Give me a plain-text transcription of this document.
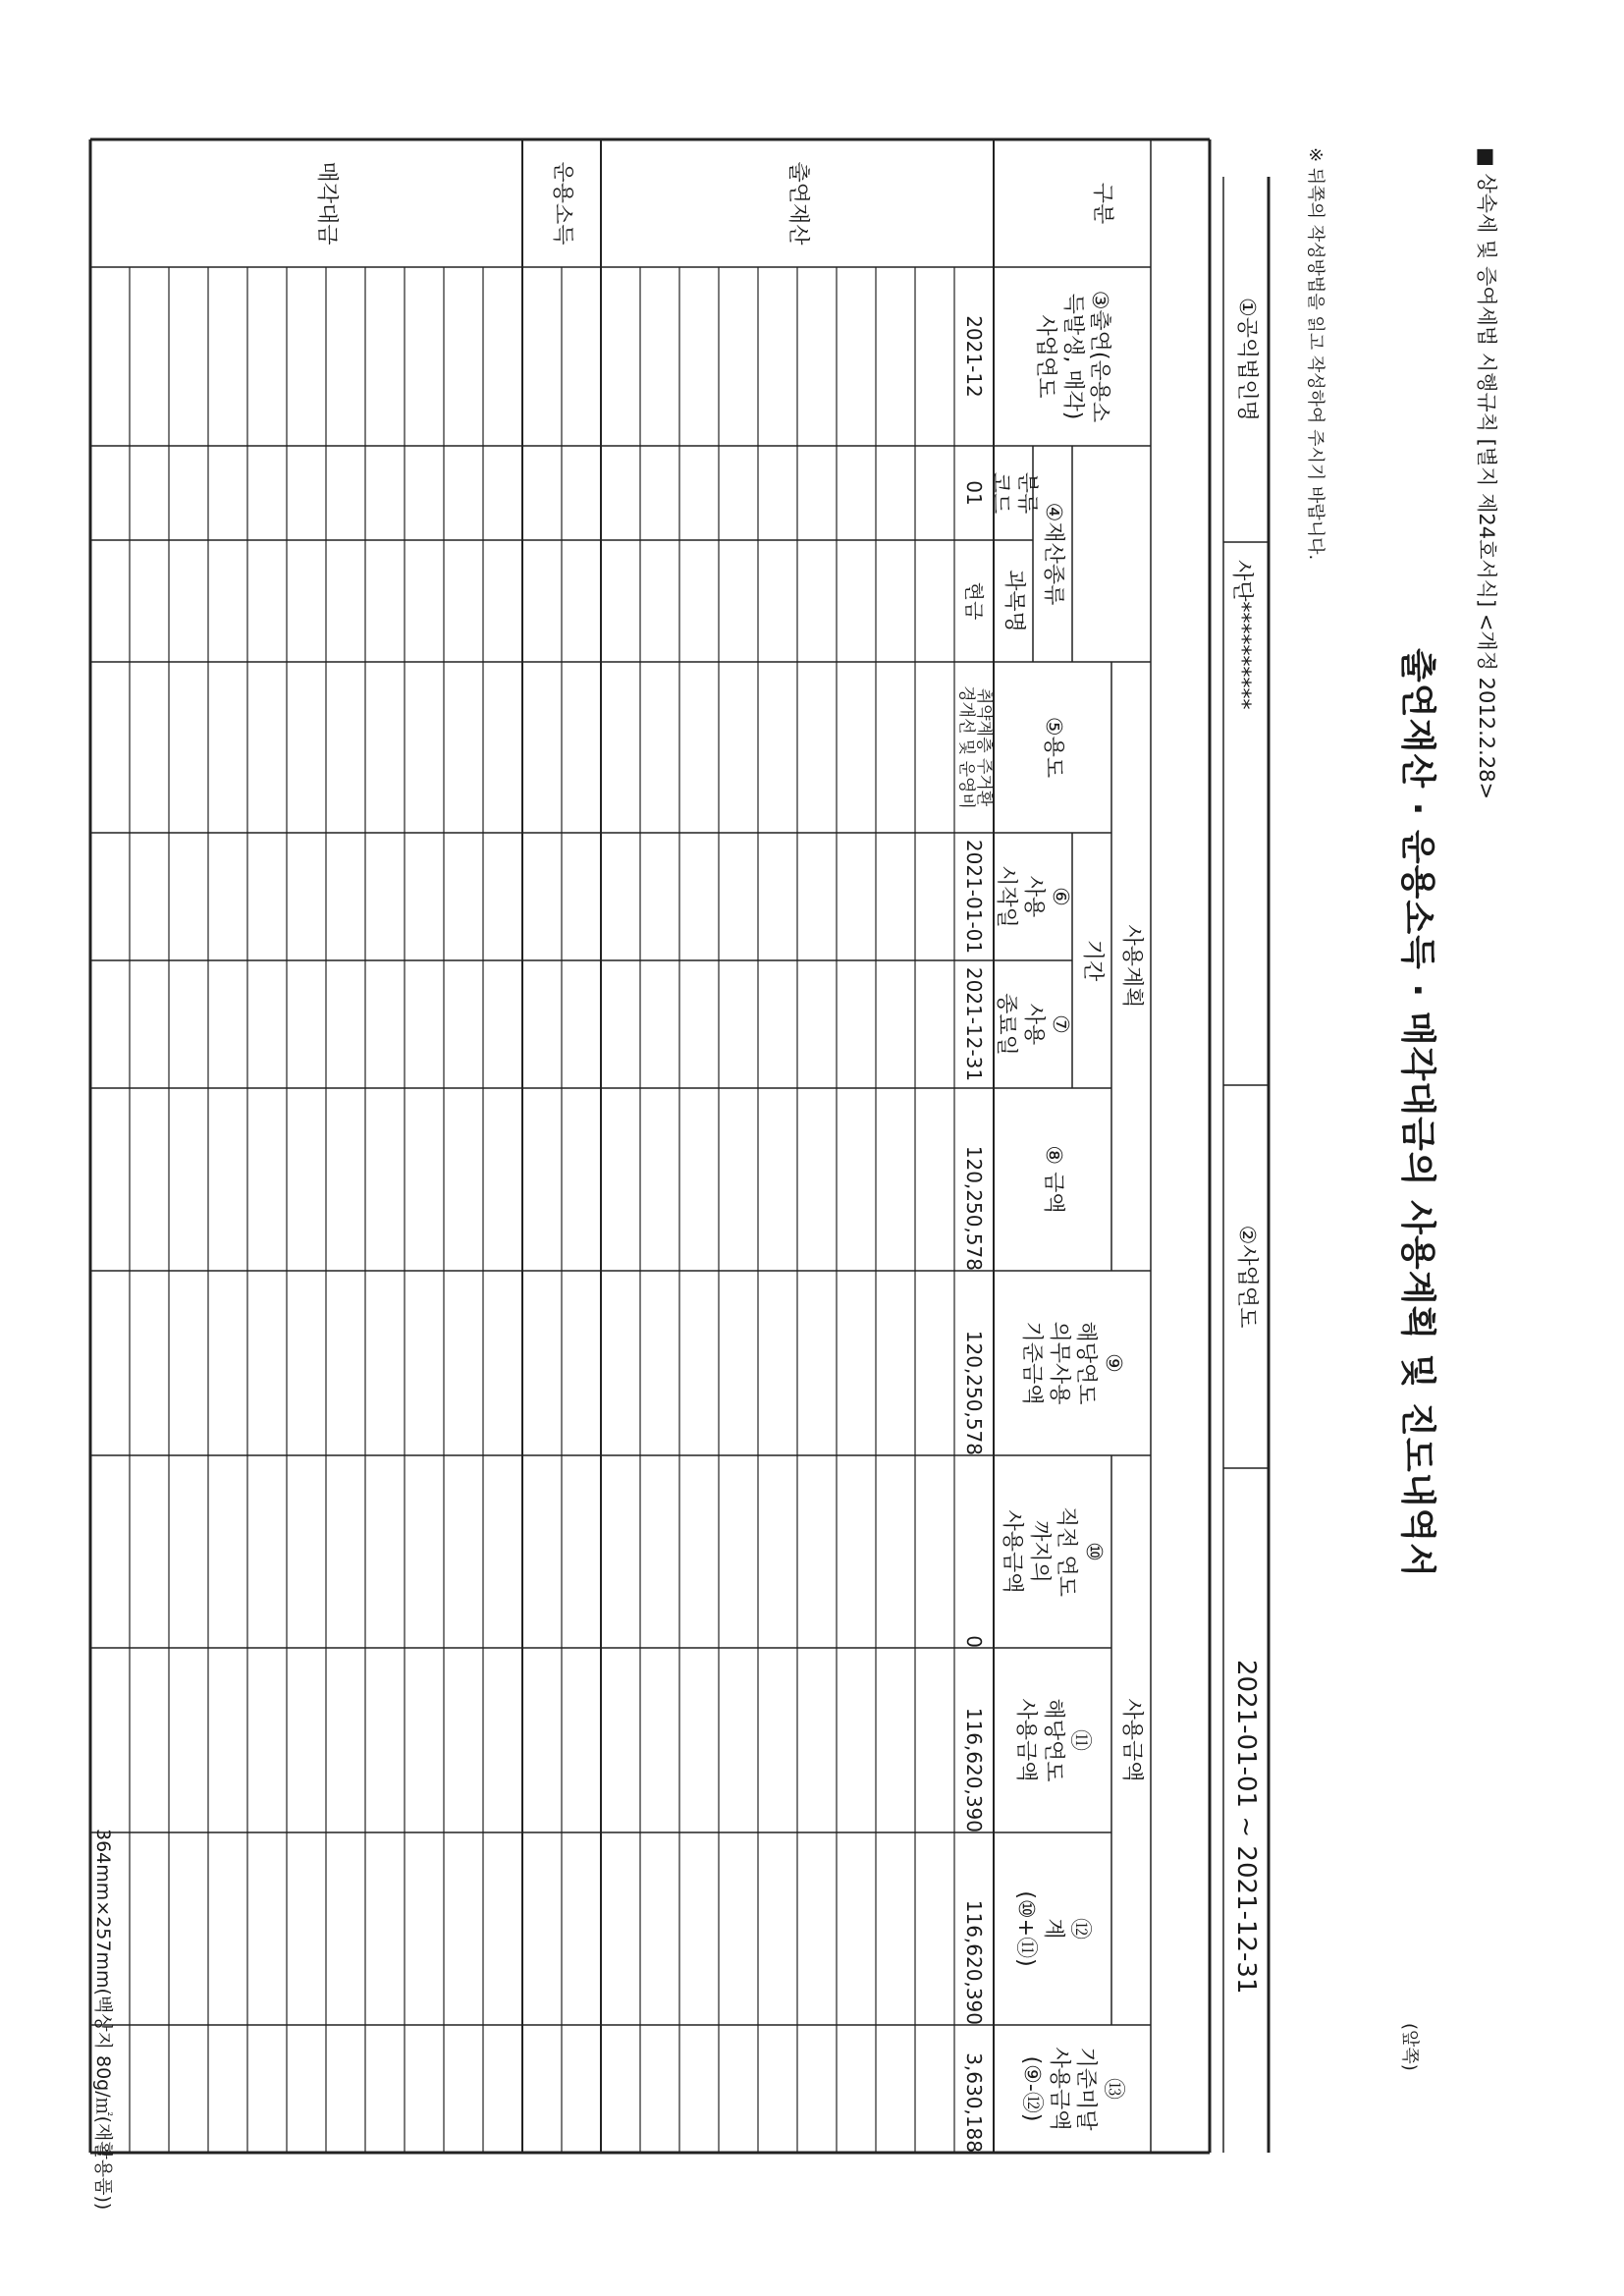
■ 상속세 및 증여세법 시행규칙 [별지 제24호서식] <개정 2012.2.28>
출연재산 · 운용소득 · 매각대금의 사용계획 및 진도내역서
(앞쪽)
※ 뒤쪽의 작성방법을 읽고 작성하여 주시기 바랍니다.
①공익법인명
사단**********
②사업연도
2021-01-01 ~ 2021-12-31
구분
③출연(운용소
득발생, 매각)
사업연도
④재산종류
분류
코드
과목명
사용계획
⑤용도
기간
⑥
사용
시작일
⑦
사용
종료일
⑧ 금액
⑨
해당연도
의무사용
기준금액
사용금액
⑩
직전 연도
까지의
사용금액
⑪
해당연도
사용금액
⑫
계
(⑩+⑪)
⑬
기준미달
사용금액
(⑨-⑫)
출연재산
운용소득
매각대금
2021-12
01
현금
취약계층 주거환
경개선 및 운영비
2021-01-01
2021-12-31
120,250,578
120,250,578
0
116,620,390
116,620,390
3,630,188
364mm×257mm(백상지 80g/㎡(재활용품))
